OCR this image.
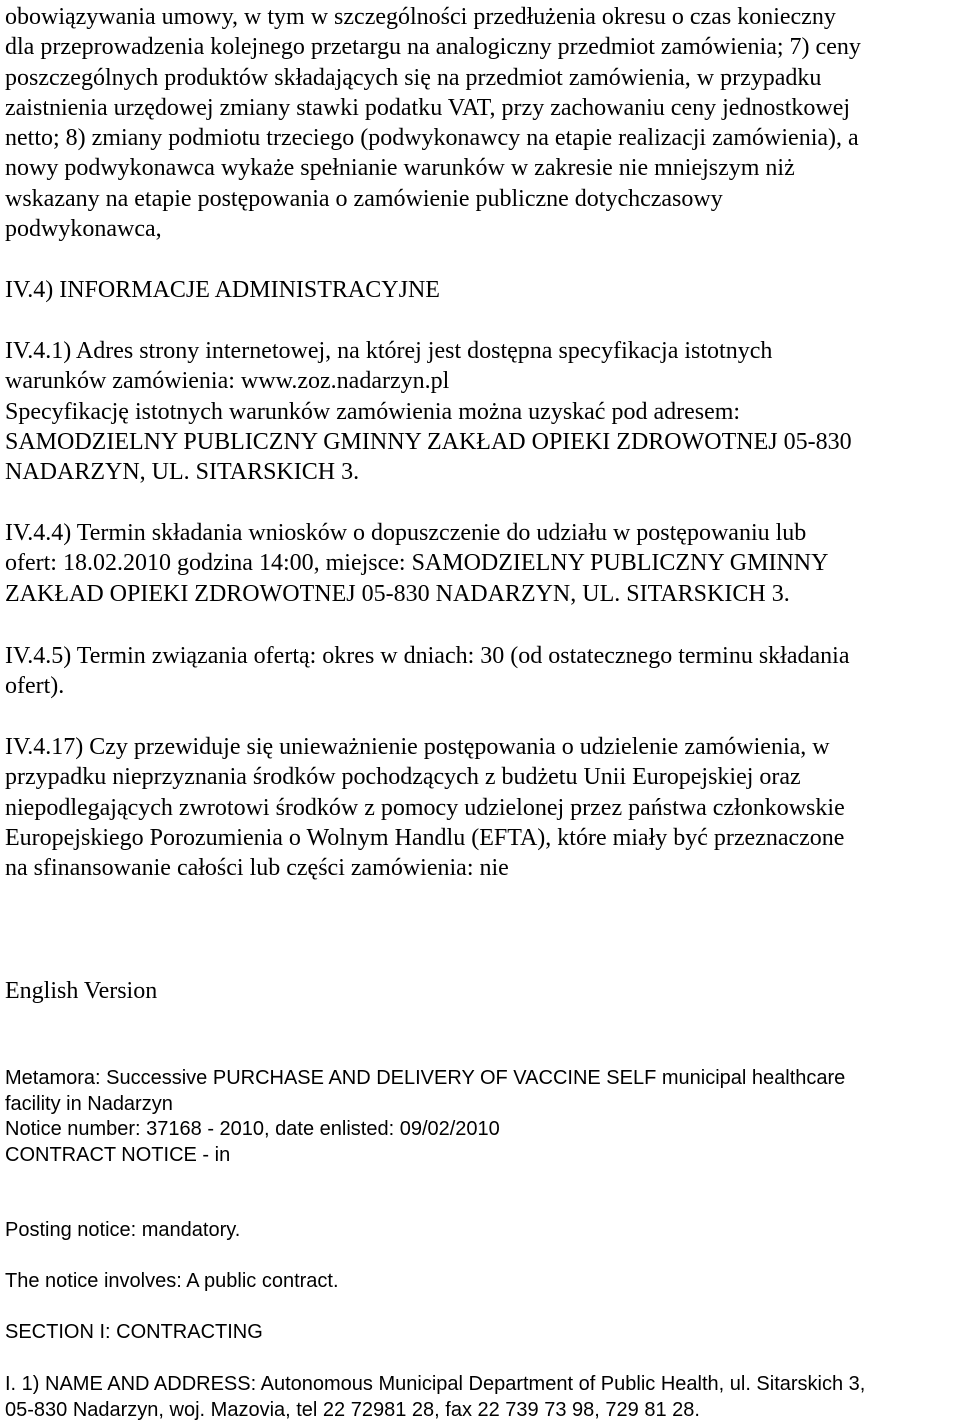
obowiązywania umowy, w tym w szczególności przedłużenia okresu o czas konieczny
dla przeprowadzenia kolejnego przetargu na analogiczny przedmiot zamówienia; 7) ceny
poszczególnych produktów składających się na przedmiot zamówienia, w przypadku
zaistnienia urzędowej zmiany stawki podatku VAT, przy zachowaniu ceny jednostkowej
netto; 8) zmiany podmiotu trzeciego (podwykonawcy na etapie realizacji zamówienia), a
nowy podwykonawca wykaże spełnianie warunków w zakresie nie mniejszym niż
wskazany na etapie postępowania o zamówienie publiczne dotychczasowy
podwykonawca,
IV.4) INFORMACJE ADMINISTRACYJNE
IV.4.1) Adres strony internetowej, na której jest dostępna specyfikacja istotnych
warunków zamówienia: www.zoz.nadarzyn.pl
Specyfikację istotnych warunków zamówienia można uzyskać pod adresem:
SAMODZIELNY PUBLICZNY GMINNY ZAKŁAD OPIEKI ZDROWOTNEJ 05-830
NADARZYN, UL. SITARSKICH 3.
IV.4.4) Termin składania wniosków o dopuszczenie do udziału w postępowaniu lub
ofert: 18.02.2010 godzina 14:00, miejsce: SAMODZIELNY PUBLICZNY GMINNY
ZAKŁAD OPIEKI ZDROWOTNEJ 05-830 NADARZYN, UL. SITARSKICH 3.
IV.4.5) Termin związania ofertą: okres w dniach: 30 (od ostatecznego terminu składania
ofert).
IV.4.17) Czy przewiduje się unieważnienie postępowania o udzielenie zamówienia, w
przypadku nieprzyznania środków pochodzących z budżetu Unii Europejskiej oraz
niepodlegających zwrotowi środków z pomocy udzielonej przez państwa członkowskie
Europejskiego Porozumienia o Wolnym Handlu (EFTA), które miały być przeznaczone
na sfinansowanie całości lub części zamówienia: nie
English Version
Metamora: Successive PURCHASE AND DELIVERY OF VACCINE SELF municipal healthcare
facility in Nadarzyn
Notice number: 37168 - 2010, date enlisted: 09/02/2010
CONTRACT NOTICE - in
Posting notice: mandatory.
The notice involves: A public contract.
SECTION I: CONTRACTING
I. 1) NAME AND ADDRESS: Autonomous Municipal Department of Public Health, ul. Sitarskich 3,
05-830 Nadarzyn, woj. Mazovia, tel 22 72981 28, fax 22 739 73 98, 729 81 28.
